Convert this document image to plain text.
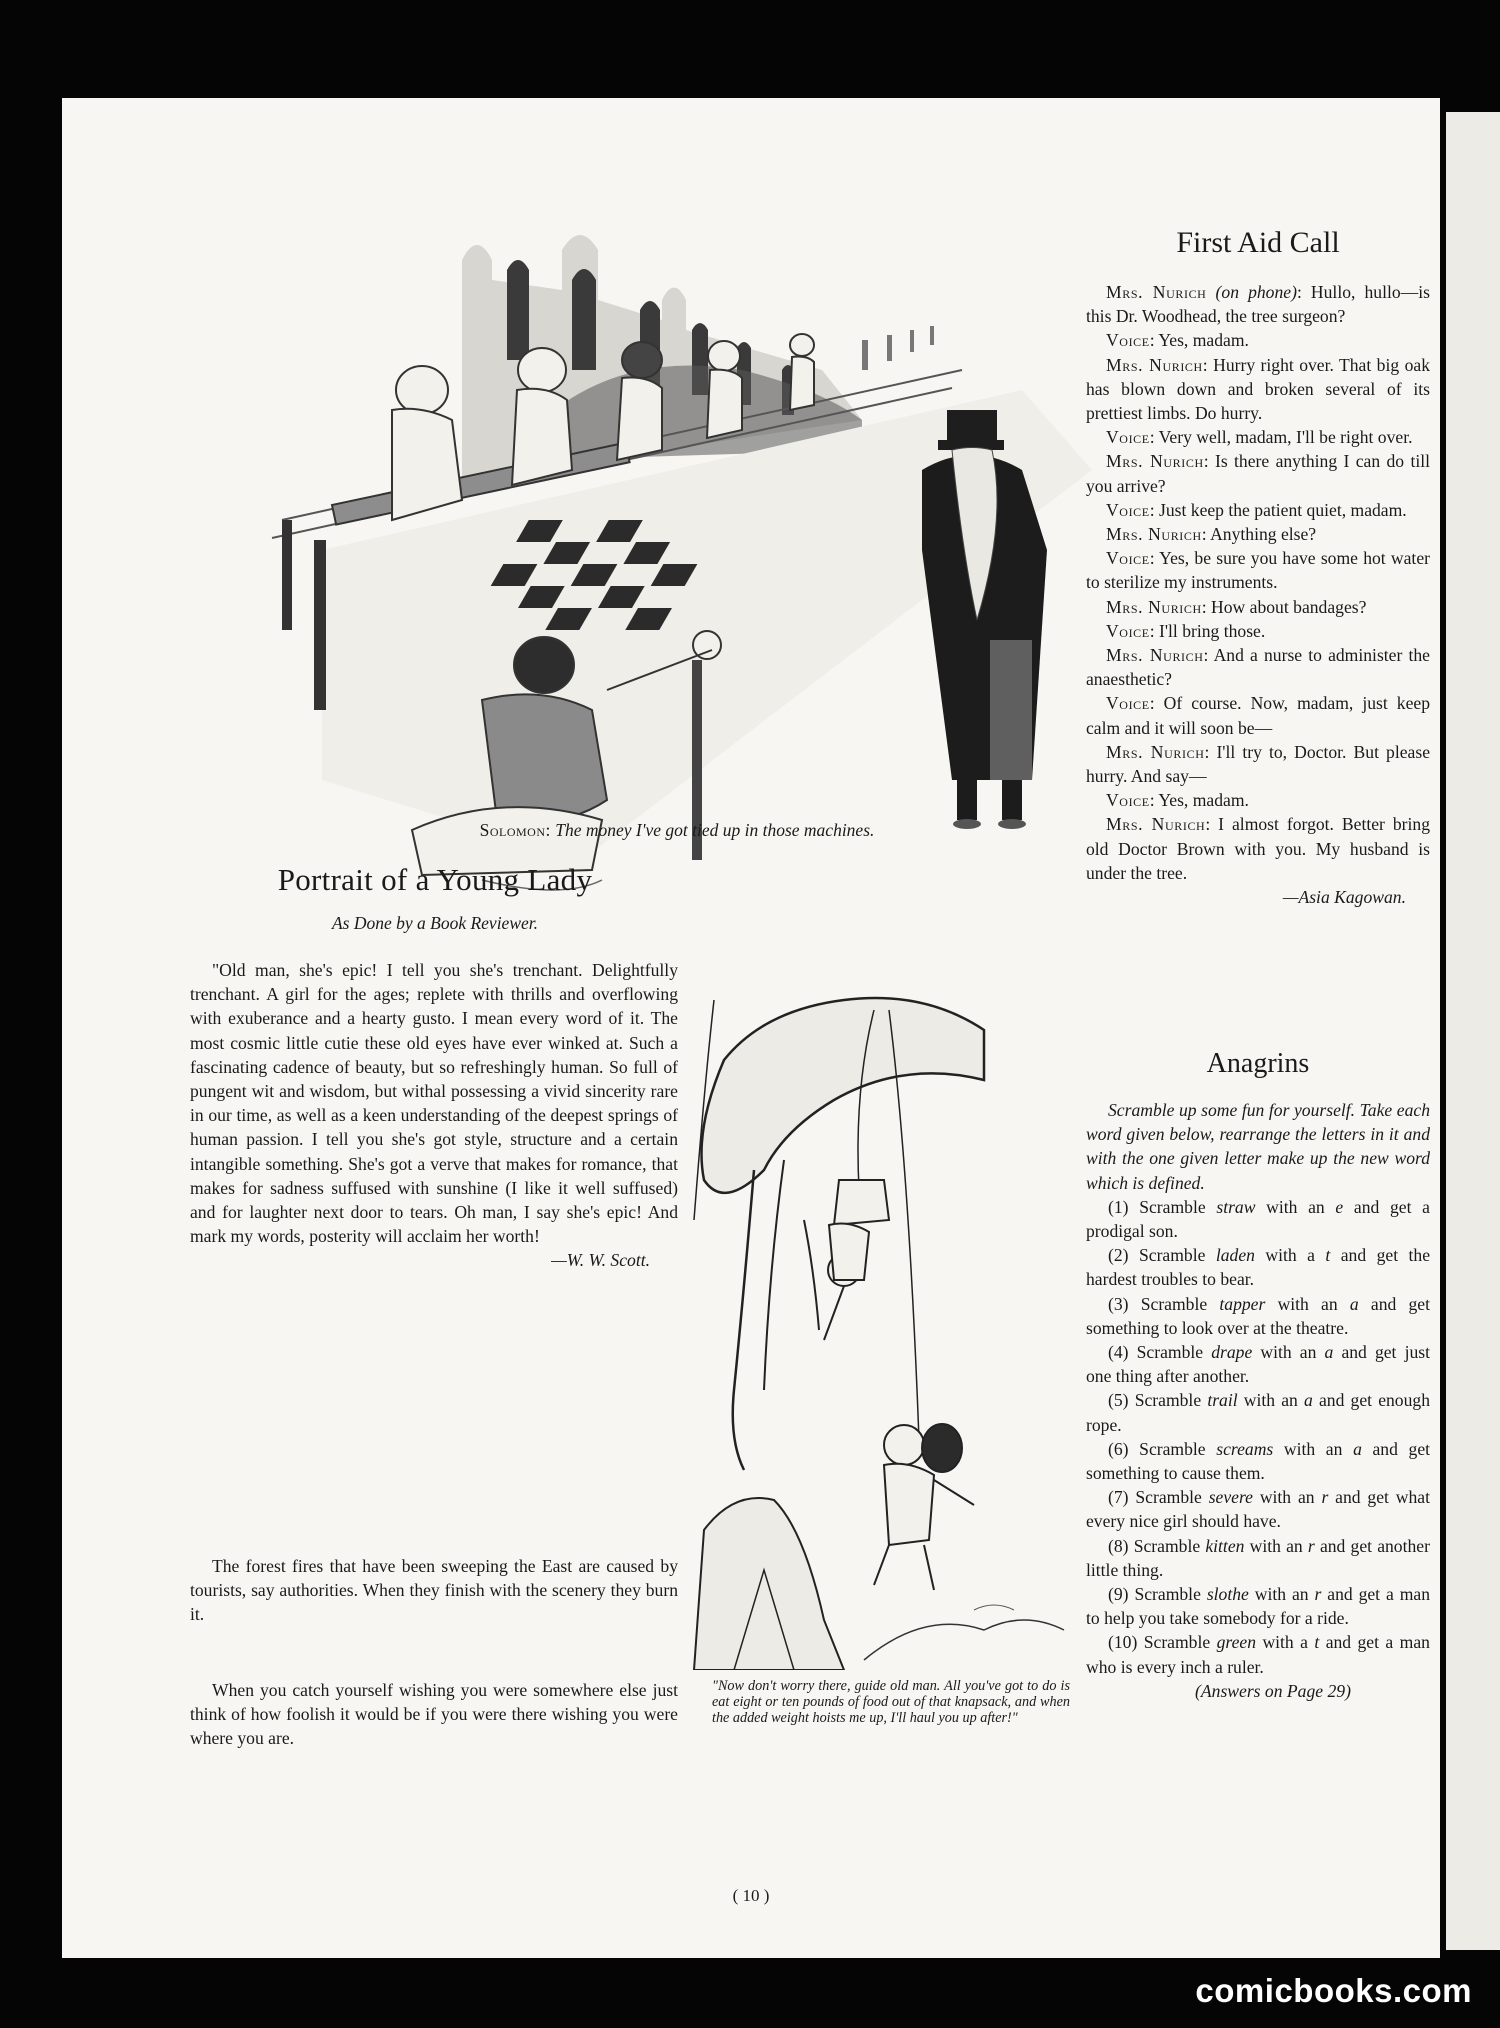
Solomon: The money I've got tied up in those machines.
Portrait of a Young Lady
As Done by a Book Reviewer.

"Old man, she's epic! I tell you she's trenchant. Delightfully trenchant. A girl for the ages; replete with thrills and overflowing with exuberance and a hearty gusto. I mean every word of it. The most cosmic little cutie these old eyes have ever winked at. Such a fascinating cadence of beauty, but so refreshingly human. So full of pungent wit and wisdom, but withal possessing a vivid sincerity rare in our time, as well as a keen understanding of the deepest springs of human passion. I tell you she's got style, structure and a certain intangible something. She's got a verve that makes for romance, that makes for sadness suffused with sunshine (I like it well suffused) and for laughter next door to tears. Oh man, I say she's epic! And mark my words, posterity will acclaim her worth!

—W. W. Scott.

The forest fires that have been sweeping the East are caused by tourists, say authorities. When they finish with the scenery they burn it.

When you catch yourself wishing you were somewhere else just think of how foolish it would be if you were there wishing you were where you are.

"Now don't worry there, guide old man. All you've got to do is eat eight or ten pounds of food out of that knapsack, and when the added weight hoists me up, I'll haul you up after!"
First Aid Call

Mrs. Nurich (on phone): Hullo, hullo—is this Dr. Woodhead, the tree surgeon?

Voice: Yes, madam.

Mrs. Nurich: Hurry right over. That big oak has blown down and broken several of its prettiest limbs. Do hurry.

Voice: Very well, madam, I'll be right over.

Mrs. Nurich: Is there anything I can do till you arrive?

Voice: Just keep the patient quiet, madam.

Mrs. Nurich: Anything else?

Voice: Yes, be sure you have some hot water to sterilize my instruments.

Mrs. Nurich: How about bandages?

Voice: I'll bring those.

Mrs. Nurich: And a nurse to administer the anaesthetic?

Voice: Of course. Now, madam, just keep calm and it will soon be—

Mrs. Nurich: I'll try to, Doctor. But please hurry. And say—

Voice: Yes, madam.

Mrs. Nurich: I almost forgot. Better bring old Doctor Brown with you. My husband is under the tree.

—Asia Kagowan.

Anagrins

Scramble up some fun for yourself. Take each word given below, rearrange the letters in it and with the one given letter make up the new word which is defined.

(1) Scramble straw with an e and get a prodigal son.

(2) Scramble laden with a t and get the hardest troubles to bear.

(3) Scramble tapper with an a and get something to look over at the theatre.

(4) Scramble drape with an a and get just one thing after another.

(5) Scramble trail with an a and get enough rope.

(6) Scramble screams with an a and get something to cause them.

(7) Scramble severe with an r and get what every nice girl should have.

(8) Scramble kitten with an r and get another little thing.

(9) Scramble slothe with an r and get a man to help you take somebody for a ride.

(10) Scramble green with a t and get a man who is every inch a ruler.

(Answers on Page 29)

( 10 )
comicbooks.com
